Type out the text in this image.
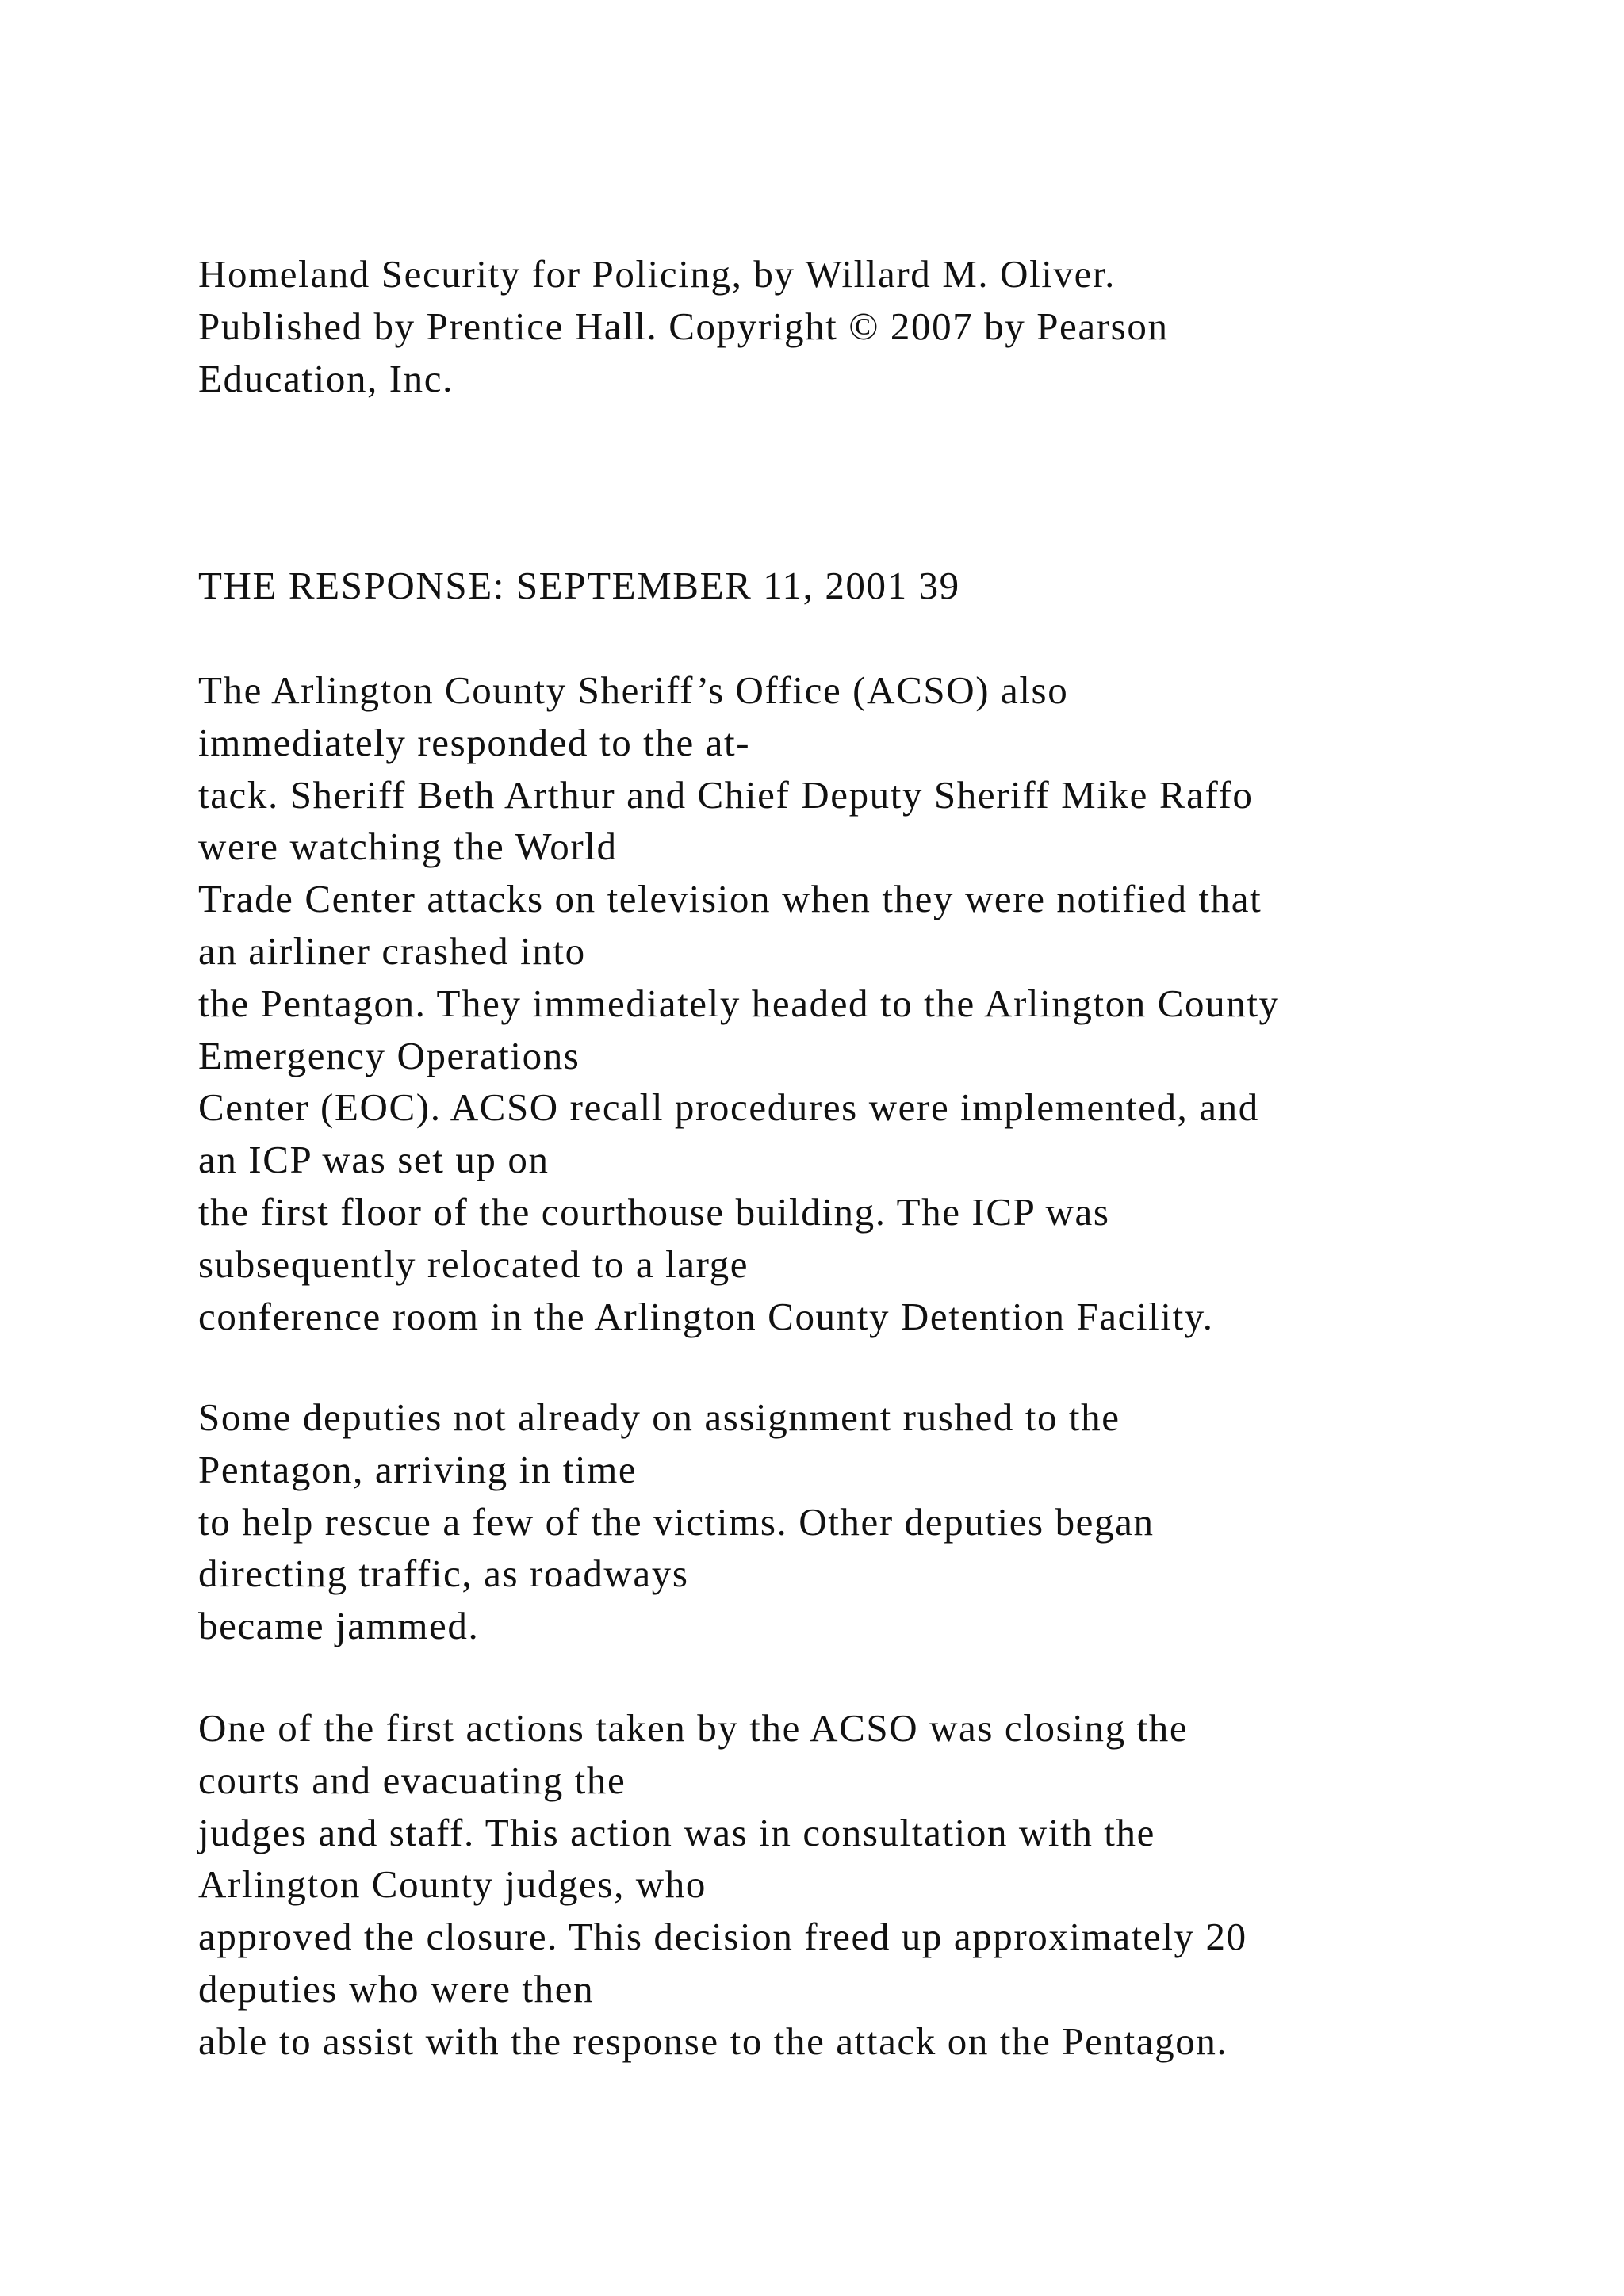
Homeland Security for Policing, by Willard M. Oliver.
Published by Prentice Hall. Copyright © 2007 by Pearson
Education, Inc.
THE RESPONSE: SEPTEMBER 11, 2001 39
The Arlington County Sheriff’s Office (ACSO) also
immediately responded to the at-
tack. Sheriff Beth Arthur and Chief Deputy Sheriff Mike Raffo
were watching the World
Trade Center attacks on television when they were notified that
an airliner crashed into
the Pentagon. They immediately headed to the Arlington County
Emergency Operations
Center (EOC). ACSO recall procedures were implemented, and
an ICP was set up on
the first floor of the courthouse building. The ICP was
subsequently relocated to a large
conference room in the Arlington County Detention Facility.
Some deputies not already on assignment rushed to the
Pentagon, arriving in time
to help rescue a few of the victims. Other deputies began
directing traffic, as roadways
became jammed.
One of the first actions taken by the ACSO was closing the
courts and evacuating the
judges and staff. This action was in consultation with the
Arlington County judges, who
approved the closure. This decision freed up approximately 20
deputies who were then
able to assist with the response to the attack on the Pentagon.
